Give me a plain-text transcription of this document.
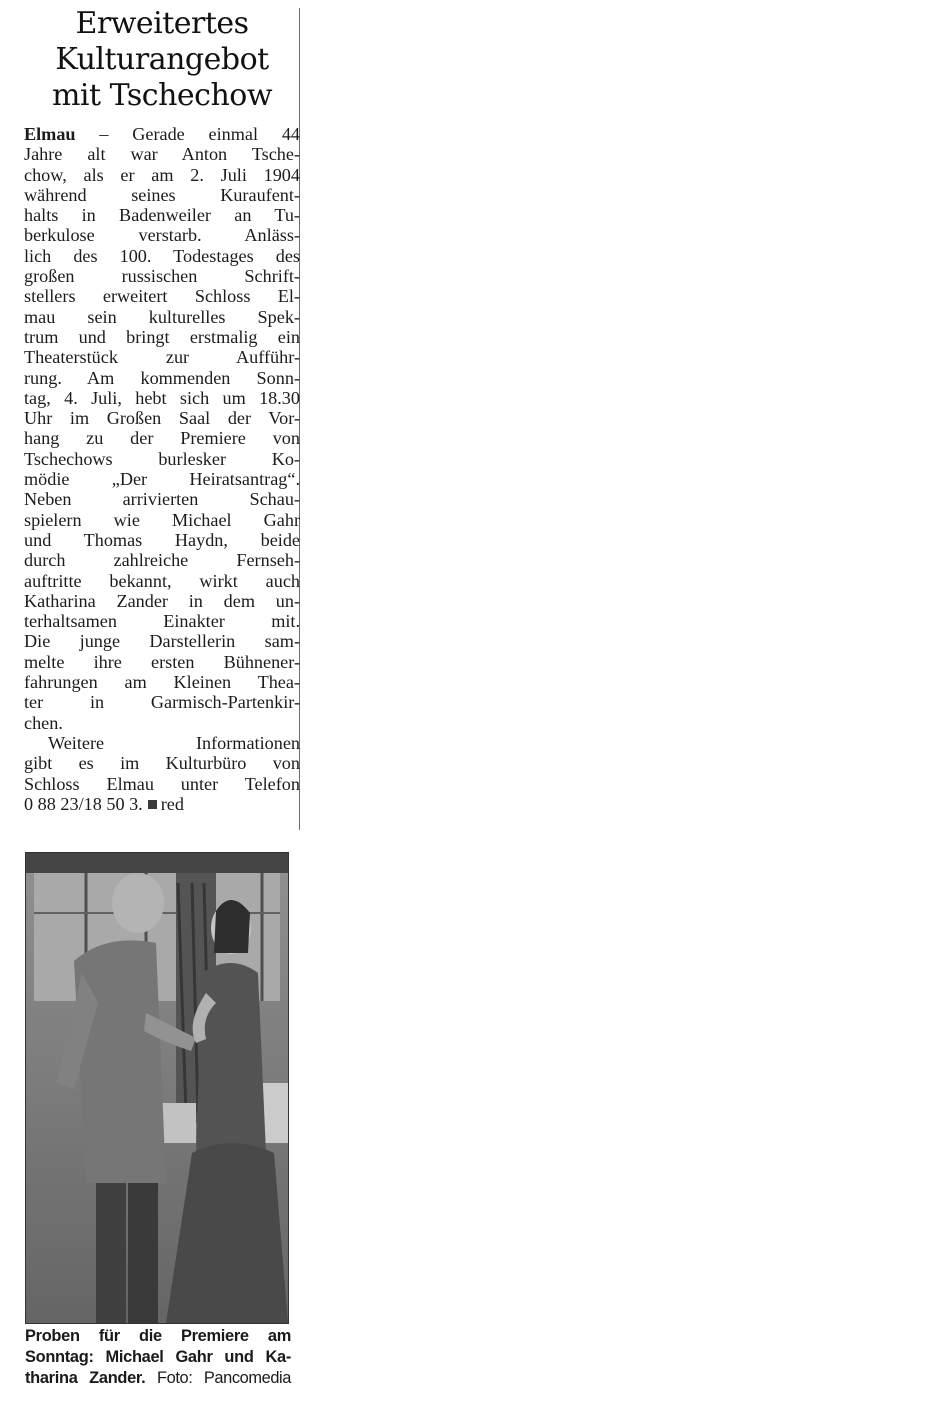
Erweitertes
Kulturangebot
mit Tschechow
Elmau – Gerade einmal 44
Jahre alt war Anton Tsche-
chow, als er am 2. Juli 1904
während seines Kuraufent-
halts in Badenweiler an Tu-
berkulose verstarb. Anläss-
lich des 100. Todestages des
großen russischen Schrift-
stellers erweitert Schloss El-
mau sein kulturelles Spek-
trum und bringt erstmalig ein
Theaterstück zur Aufführ-
rung. Am kommenden Sonn-
tag, 4. Juli, hebt sich um 18.30
Uhr im Großen Saal der Vor-
hang zu der Premiere von
Tschechows burlesker Ko-
mödie „Der Heiratsantrag“.
Neben arrivierten Schau-
spielern wie Michael Gahr
und Thomas Haydn, beide
durch zahlreiche Fernseh-
auftritte bekannt, wirkt auch
Katharina Zander in dem un-
terhaltsamen Einakter mit.
Die junge Darstellerin sam-
melte ihre ersten Bühnener-
fahrungen am Kleinen Thea-
ter in Garmisch-Partenkir-
chen.
Weitere Informationen
gibt es im Kulturbüro von
Schloss Elmau unter Telefon
0 88 23/18 50 3. red
Proben für die Premiere am
Sonntag: Michael Gahr und Ka-
tharina Zander. Foto: Pancomedia
